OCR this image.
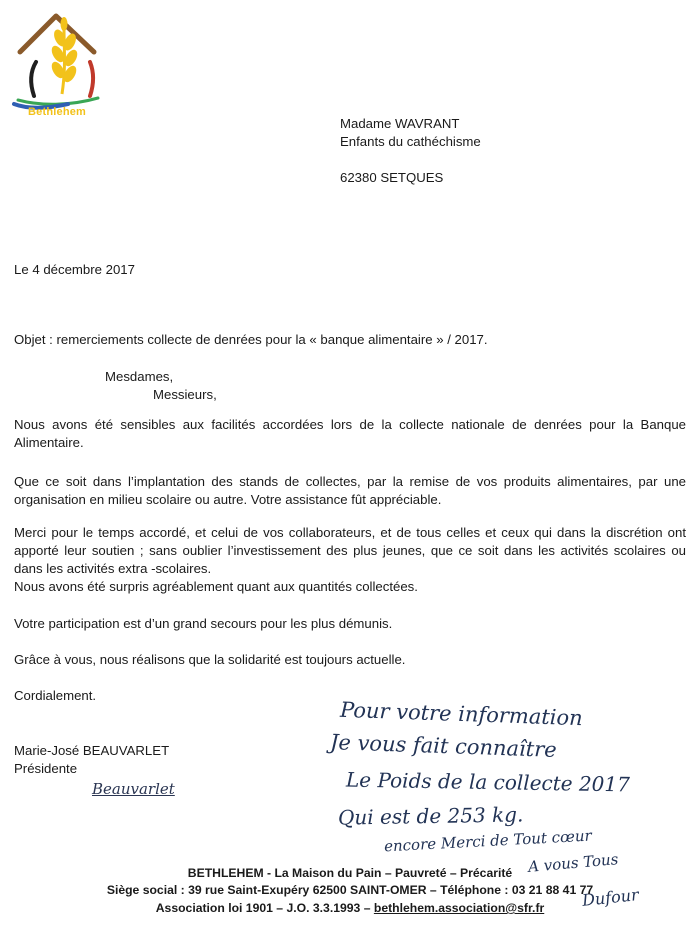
Bethlehem
Madame WAVRANT
Enfants du cathéchisme
62380 SETQUES
Le 4 décembre 2017
Objet : remerciements collecte de denrées pour la « banque alimentaire » / 2017.
Mesdames,
Messieurs,
Nous avons été sensibles aux facilités accordées lors de la collecte nationale de denrées pour la Banque Alimentaire.
Que ce soit dans l’implantation des stands de collectes, par la remise de vos produits alimentaires, par une organisation en milieu scolaire ou autre. Votre assistance fût appréciable.
Merci pour le temps accordé, et celui de vos collaborateurs, et de tous celles et ceux qui dans la discrétion ont apporté leur soutien ; sans oublier l’investissement des plus jeunes, que ce soit dans les activités scolaires ou dans les activités extra -scolaires.
Nous avons été surpris agréablement quant aux quantités collectées.
Votre participation est d’un grand secours pour les plus démunis.
Grâce à vous, nous réalisons que la solidarité est toujours actuelle.
Cordialement.
Marie-José BEAUVARLET
Présidente
Beauvarlet
Pour votre information
Je vous fait connaître
Le Poids de la collecte 2017
Qui est de 253 kg.
encore Merci de Tout cœur
A vous Tous
Dufour
BETHLEHEM - La Maison du Pain – Pauvreté – Précarité
Siège social : 39 rue Saint-Exupéry 62500 SAINT-OMER – Téléphone : 03 21 88 41 77
Association loi 1901 – J.O. 3.3.1993 – bethlehem.association@sfr.fr
